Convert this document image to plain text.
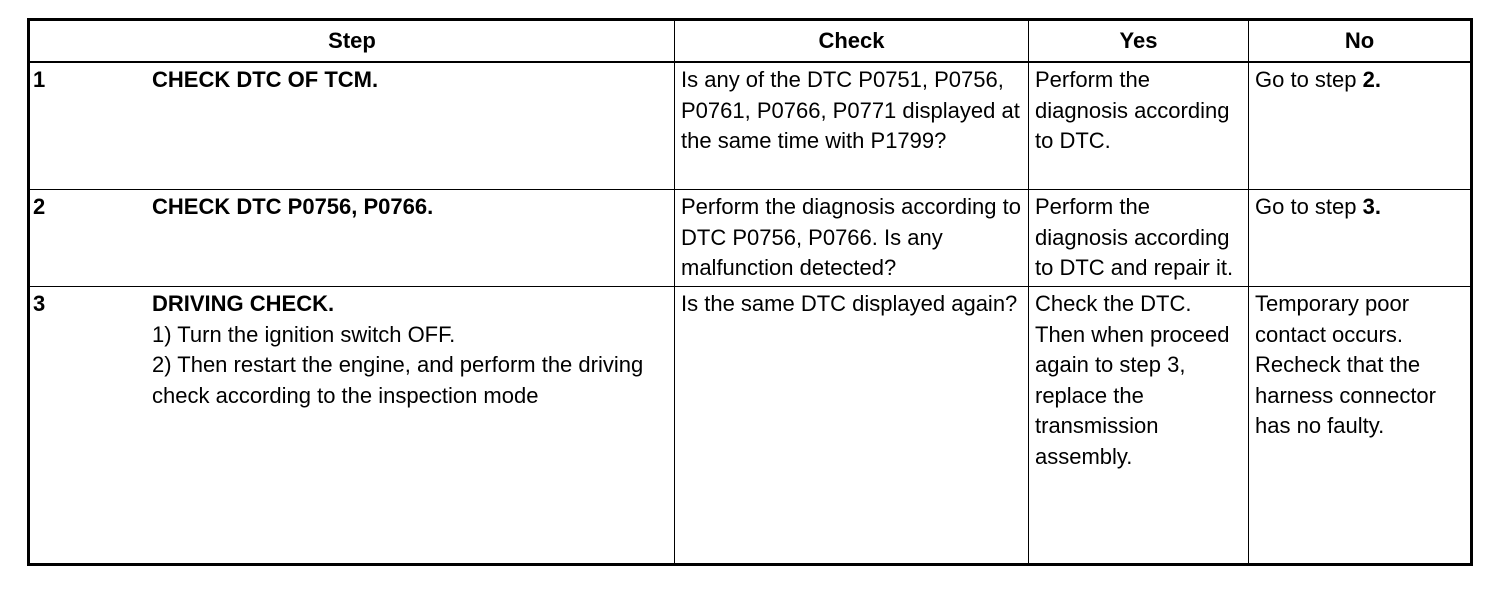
Step	Check	Yes	No

1 CHECK DTC OF TCM.	Is any of the DTC P0751, P0756, P0761, P0766, P0771 displayed at the same time with P1799?	Perform the diagnosis according to DTC.	Go to step 2.

2 CHECK DTC P0756, P0766.	Perform the diagnosis according to DTC P0756, P0766. Is any malfunction detected?	Perform the diagnosis according to DTC and repair it.	Go to step 3.

3 DRIVING CHECK.
1) Turn the ignition switch OFF.
2) Then restart the engine, and perform the driving check according to the inspection mode	Is the same DTC displayed again?	Check the DTC. Then when proceed again to step 3, replace the transmission assembly.	Temporary poor contact occurs. Recheck that the harness connector has no faulty.
